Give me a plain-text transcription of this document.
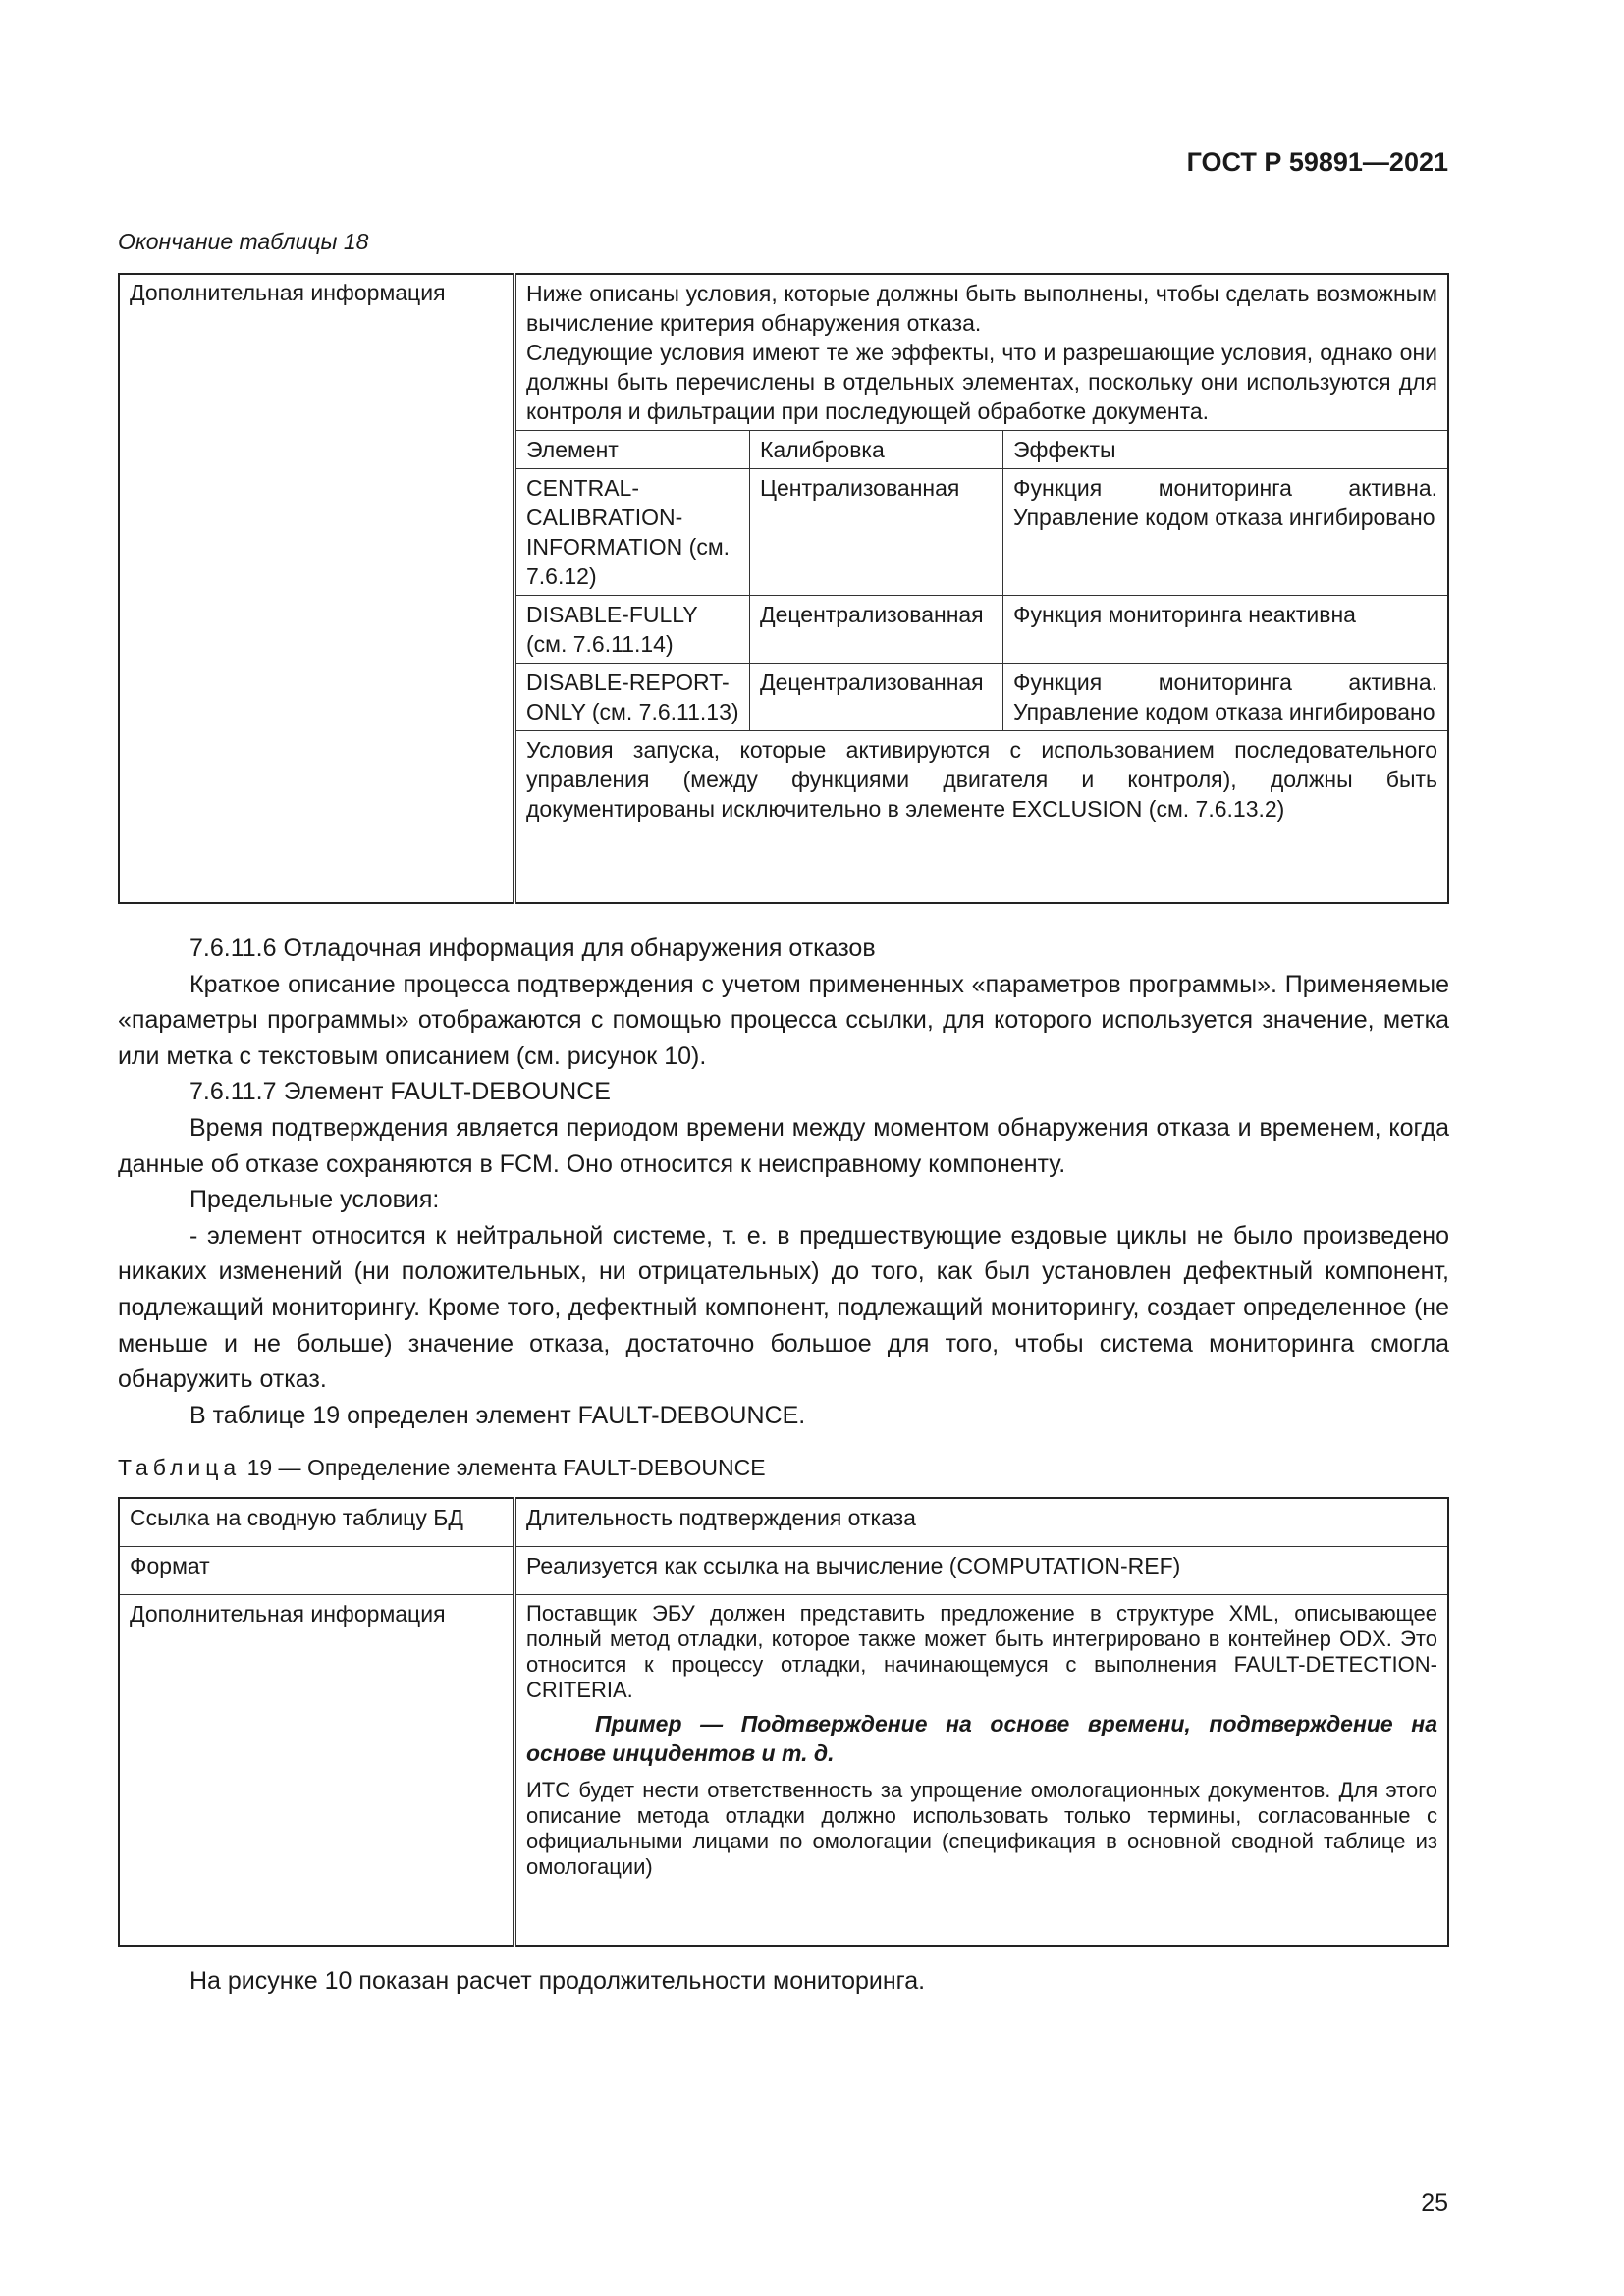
ГОСТ Р 59891—2021
Окончание таблицы 18
Дополнительная информация	Ниже описаны условия, которые должны быть выполнены, чтобы сделать возможным вычисление критерия обнаружения отказа.
Следующие условия имеют те же эффекты, что и разрешающие условия, однако они должны быть перечислены в отдельных элементах, поскольку они используются для контроля и фильтрации при последующей обработке документа.
Элемент	Калибровка	Эффекты
CENTRAL-CALIBRATION-INFORMATION (см. 7.6.12)	Централизованная	Функция мониторинга активна. Управление кодом отказа ингибировано
DISABLE-FULLY (см. 7.6.11.14)	Децентрализованная	Функция мониторинга неактивна
DISABLE-REPORT-ONLY (см. 7.6.11.13)	Децентрализованная	Функция мониторинга активна. Управление кодом отказа ингибировано
Условия запуска, которые активируются с использованием последовательного управления (между функциями двигателя и контроля), должны быть документированы исключительно в элементе EXCLUSION (см. 7.6.13.2)

7.6.11.6 Отладочная информация для обнаружения отказов

Краткое описание процесса подтверждения с учетом примененных «параметров программы». Применяемые «параметры программы» отображаются с помощью процесса ссылки, для которого используется значение, метка или метка с текстовым описанием (см. рисунок 10).

7.6.11.7 Элемент FAULT-DEBOUNCE

Время подтверждения является периодом времени между моментом обнаружения отказа и временем, когда данные об отказе сохраняются в FCM. Оно относится к неисправному компоненту.

Предельные условия:

- элемент относится к нейтральной системе, т. е. в предшествующие ездовые циклы не было произведено никаких изменений (ни положительных, ни отрицательных) до того, как был установлен дефектный компонент, подлежащий мониторингу. Кроме того, дефектный компонент, подлежащий мониторингу, создает определенное (не меньше и не больше) значение отказа, достаточно большое для того, чтобы система мониторинга смогла обнаружить отказ.

В таблице 19 определен элемент FAULT-DEBOUNCE.

Таблица 19 — Определение элемента FAULT-DEBOUNCE
Ссылка на сводную таблицу БД	Длительность подтверждения отказа
Формат	Реализуется как ссылка на вычисление (COMPUTATION-REF)
Дополнительная информация	Поставщик ЭБУ должен представить предложение в структуре XML, описывающее полный метод отладки, которое также может быть интегрировано в контейнер ODX. Это относится к процессу отладки, начинающемуся с выполнения FAULT-DETECTION-CRITERIA.

Пример — Подтверждение на основе времени, подтверждение на основе инцидентов и т. д.

ИТС будет нести ответственность за упрощение омологационных документов. Для этого описание метода отладки должно использовать только термины, согласованные с официальными лицами по омологации (спецификация в основной сводной таблице из омологации)

На рисунке 10 показан расчет продолжительности мониторинга.
25
